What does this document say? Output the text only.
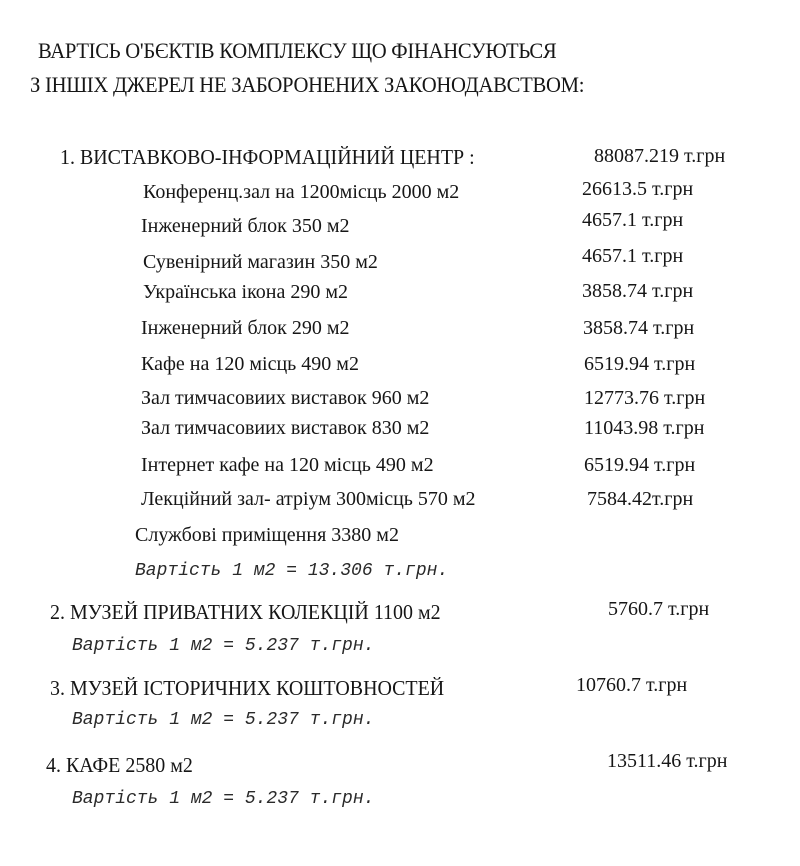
ВАРТІСЬ О'БЄКТІВ КОМПЛЕКСУ ЩО ФІНАНСУЮТЬСЯ
З ІНШІХ ДЖЕРЕЛ НЕ ЗАБОРОНЕНИХ ЗАКОНОДАВСТВОМ:
1. ВИСТАВКОВО-ІНФОРМАЦІЙНИЙ ЦЕНТР :	88087.219 т.грн
Конференц.зал на 1200місць 2000 м2	26613.5 т.грн
Інженерний блок 350 м2	4657.1 т.грн
Сувенірний магазин 350 м2	4657.1 т.грн
Українська ікона 290 м2	3858.74 т.грн
Інженерний блок 290 м2	3858.74 т.грн
Кафе на 120 місць 490 м2	6519.94 т.грн
Зал тимчасовиих виставок 960 м2	12773.76 т.грн
Зал тимчасовиих виставок 830 м2	11043.98 т.грн
Інтернет кафе на 120 місць 490 м2	6519.94 т.грн
Лекційний зал- атріум 300місць 570 м2	7584.42т.грн
Службові приміщення 3380 м2
Вартість 1 м2 = 13.306 т.грн.
2. МУЗЕЙ ПРИВАТНИХ КОЛЕКЦІЙ 1100 м2	5760.7 т.грн
Вартість 1 м2 = 5.237 т.грн.
3. МУЗЕЙ ІСТОРИЧНИХ КОШТОВНОСТЕЙ	10760.7 т.грн
Вартість 1 м2 = 5.237 т.грн.
4. КАФЕ 2580 м2	13511.46 т.грн
Вартість 1 м2 = 5.237 т.грн.
